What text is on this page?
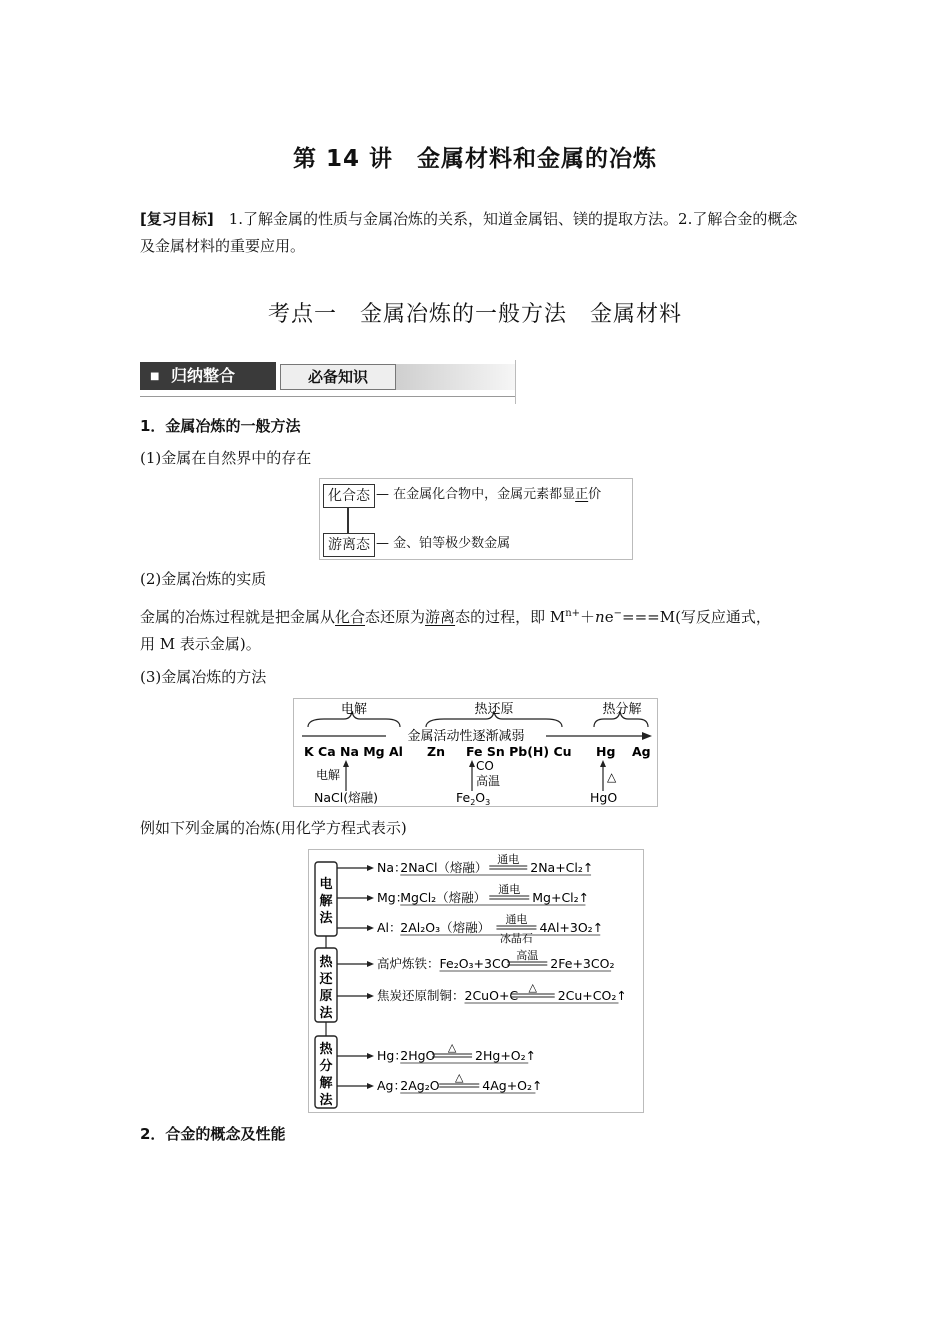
第 14 讲　金属材料和金属的冶炼
[复习目标]　1.了解金属的性质与金属冶炼的关系，知道金属铝、镁的提取方法。2.了解合金的概念及金属材料的重要应用。
考点一　金属冶炼的一般方法　金属材料
■ 归纳整合	必备知识
1．金属冶炼的一般方法
(1)金属在自然界中的存在
化合态 — 在金属化合物中，金属元素都显正价
游离态 — 金、铂等极少数金属
(2)金属冶炼的实质
金属的冶炼过程就是把金属从化合态还原为游离态的过程，即 $M^{n+}+ne^-===M$(写反应通式，
用 M 表示金属)。
(3)金属冶炼的方法
电解	热还原	热分解
金属活动性逐渐减弱
K Ca Na Mg Al Zn Fe Sn Pb(H) Cu Hg Ag
电解
NaCl(熔融)
CO
高温
$Fe_2O_3$
△
HgO
例如下列金属的冶炼(用化学方程式表示)
电
解
法
热
还
原
法
热
分
解
法
Na：
2NaCl（熔融）
通电
2Na+Cl₂↑
Mg：
MgCl₂（熔融）
通电
Mg+Cl₂↑
Al：
2Al₂O₃（熔融）
通电
冰晶石
4Al+3O₂↑
高炉炼铁： Fe₂O₃+3CO
高温
2Fe+3CO₂
焦炭还原制铜： 2CuO+C
△
2Cu+CO₂↑
Hg：
2HgO
△
2Hg+O₂↑
Ag：
2Ag₂O
△
4Ag+O₂↑
2．合金的概念及性能
